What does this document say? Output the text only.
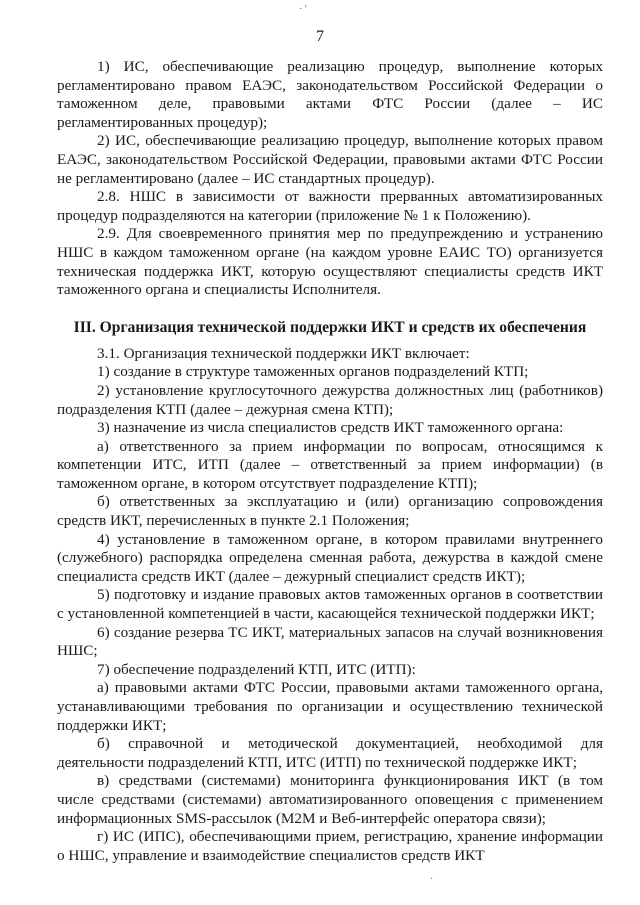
· '
7

1) ИС, обеспечивающие реализацию процедур, выполнение которых регламентировано правом ЕАЭС, законодательством Российской Федерации о таможенном деле, правовыми актами ФТС России (далее – ИС регламентированных процедур);

2) ИС, обеспечивающие реализацию процедур, выполнение которых правом ЕАЭС, законодательством Российской Федерации, правовыми актами ФТС России не регламентировано (далее – ИС стандартных процедур).

2.8. НШС в зависимости от важности прерванных автоматизированных процедур подразделяются на категории (приложение № 1 к Положению).

2.9. Для своевременного принятия мер по предупреждению и устранению НШС в каждом таможенном органе (на каждом уровне ЕАИС ТО) организуется техническая поддержка ИКТ, которую осуществляют специалисты средств ИКТ таможенного органа и специалисты Исполнителя.

III. Организация технической поддержки ИКТ и средств их обеспечения

3.1. Организация технической поддержки ИКТ включает:

1) создание в структуре таможенных органов подразделений КТП;

2) установление круглосуточного дежурства должностных лиц (работников) подразделения КТП (далее – дежурная смена КТП);

3) назначение из числа специалистов средств ИКТ таможенного органа:

а) ответственного за прием информации по вопросам, относящимся к компетенции ИТС, ИТП (далее – ответственный за прием информации) (в таможенном органе, в котором отсутствует подразделение КТП);

б) ответственных за эксплуатацию и (или) организацию сопровождения средств ИКТ, перечисленных в пункте 2.1 Положения;

4) установление в таможенном органе, в котором правилами внутреннего (служебного) распорядка определена сменная работа, дежурства в каждой смене специалиста средств ИКТ (далее – дежурный специалист средств ИКТ);

5) подготовку и издание правовых актов таможенных органов в соответствии с установленной компетенцией в части, касающейся технической поддержки ИКТ;

6) создание резерва ТС ИКТ, материальных запасов на случай возникновения НШС;

7) обеспечение подразделений КТП, ИТС (ИТП):

а) правовыми актами ФТС России, правовыми актами таможенного органа, устанавливающими требования по организации и осуществлению технической поддержки ИКТ;

б) справочной и методической документацией, необходимой для деятельности подразделений КТП, ИТС (ИТП) по технической поддержке ИКТ;

в) средствами (системами) мониторинга функционирования ИКТ (в том числе средствами (системами) автоматизированного оповещения с применением информационных SMS-рассылок (M2M и Веб-интерфейс оператора связи);

г) ИС (ИПС), обеспечивающими прием, регистрацию, хранение информации о НШС, управление и взаимодействие специалистов средств ИКТ

·
